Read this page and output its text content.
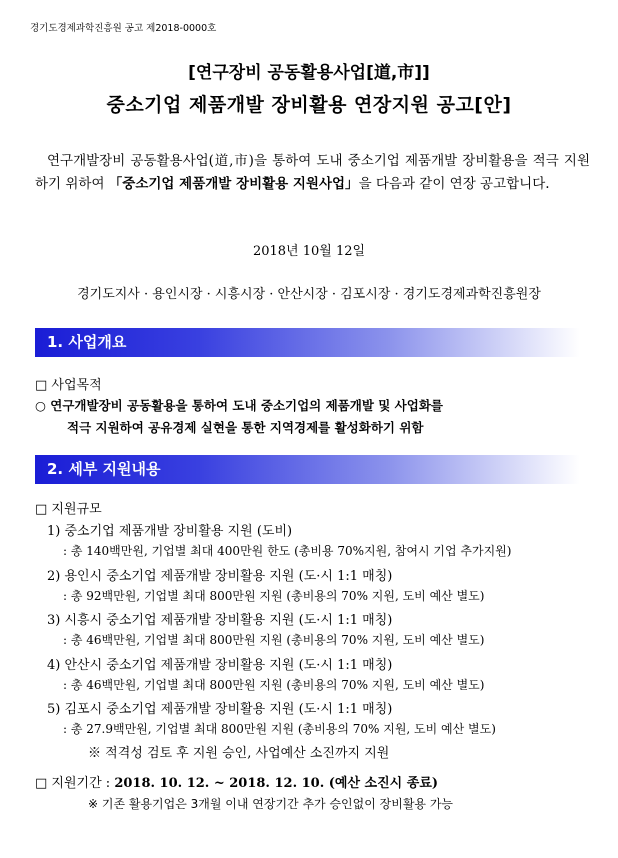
경기도경제과학진흥원 공고 제2018-0000호
[연구장비 공동활용사업[道,市]]
중소기업 제품개발 장비활용 연장지원 공고[안]
연구개발장비 공동활용사업(道,市)을 통하여 도내 중소기업 제품개발 장비활용을 적극 지원하기 위하여 「중소기업 제품개발 장비활용 지원사업」을 다음과 같이 연장 공고합니다.
2018년 10월 12일
경기도지사 · 용인시장 · 시흥시장 · 안산시장 · 김포시장 · 경기도경제과학진흥원장
1. 사업개요
□ 사업목적
○ 연구개발장비 공동활용을 통하여 도내 중소기업의 제품개발 및 사업화를
적극 지원하여 공유경제 실현을 통한 지역경제를 활성화하기 위함
2. 세부 지원내용
□ 지원규모
1) 중소기업 제품개발 장비활용 지원 (도비)
: 총 140백만원, 기업별 최대 400만원 한도 (총비용 70%지원, 참여시 기업 추가지원)
2) 용인시 중소기업 제품개발 장비활용 지원 (도·시 1:1 매칭)
: 총 92백만원, 기업별 최대 800만원 지원 (총비용의 70% 지원, 도비 예산 별도)
3) 시흥시 중소기업 제품개발 장비활용 지원 (도·시 1:1 매칭)
: 총 46백만원, 기업별 최대 800만원 지원 (총비용의 70% 지원, 도비 예산 별도)
4) 안산시 중소기업 제품개발 장비활용 지원 (도·시 1:1 매칭)
: 총 46백만원, 기업별 최대 800만원 지원 (총비용의 70% 지원, 도비 예산 별도)
5) 김포시 중소기업 제품개발 장비활용 지원 (도·시 1:1 매칭)
: 총 27.9백만원, 기업별 최대 800만원 지원 (총비용의 70% 지원, 도비 예산 별도)
※ 적격성 검토 후 지원 승인, 사업예산 소진까지 지원
□ 지원기간 : 2018. 10. 12. ~ 2018. 12. 10. (예산 소진시 종료)
※ 기존 활용기업은 3개월 이내 연장기간 추가 승인없이 장비활용 가능
